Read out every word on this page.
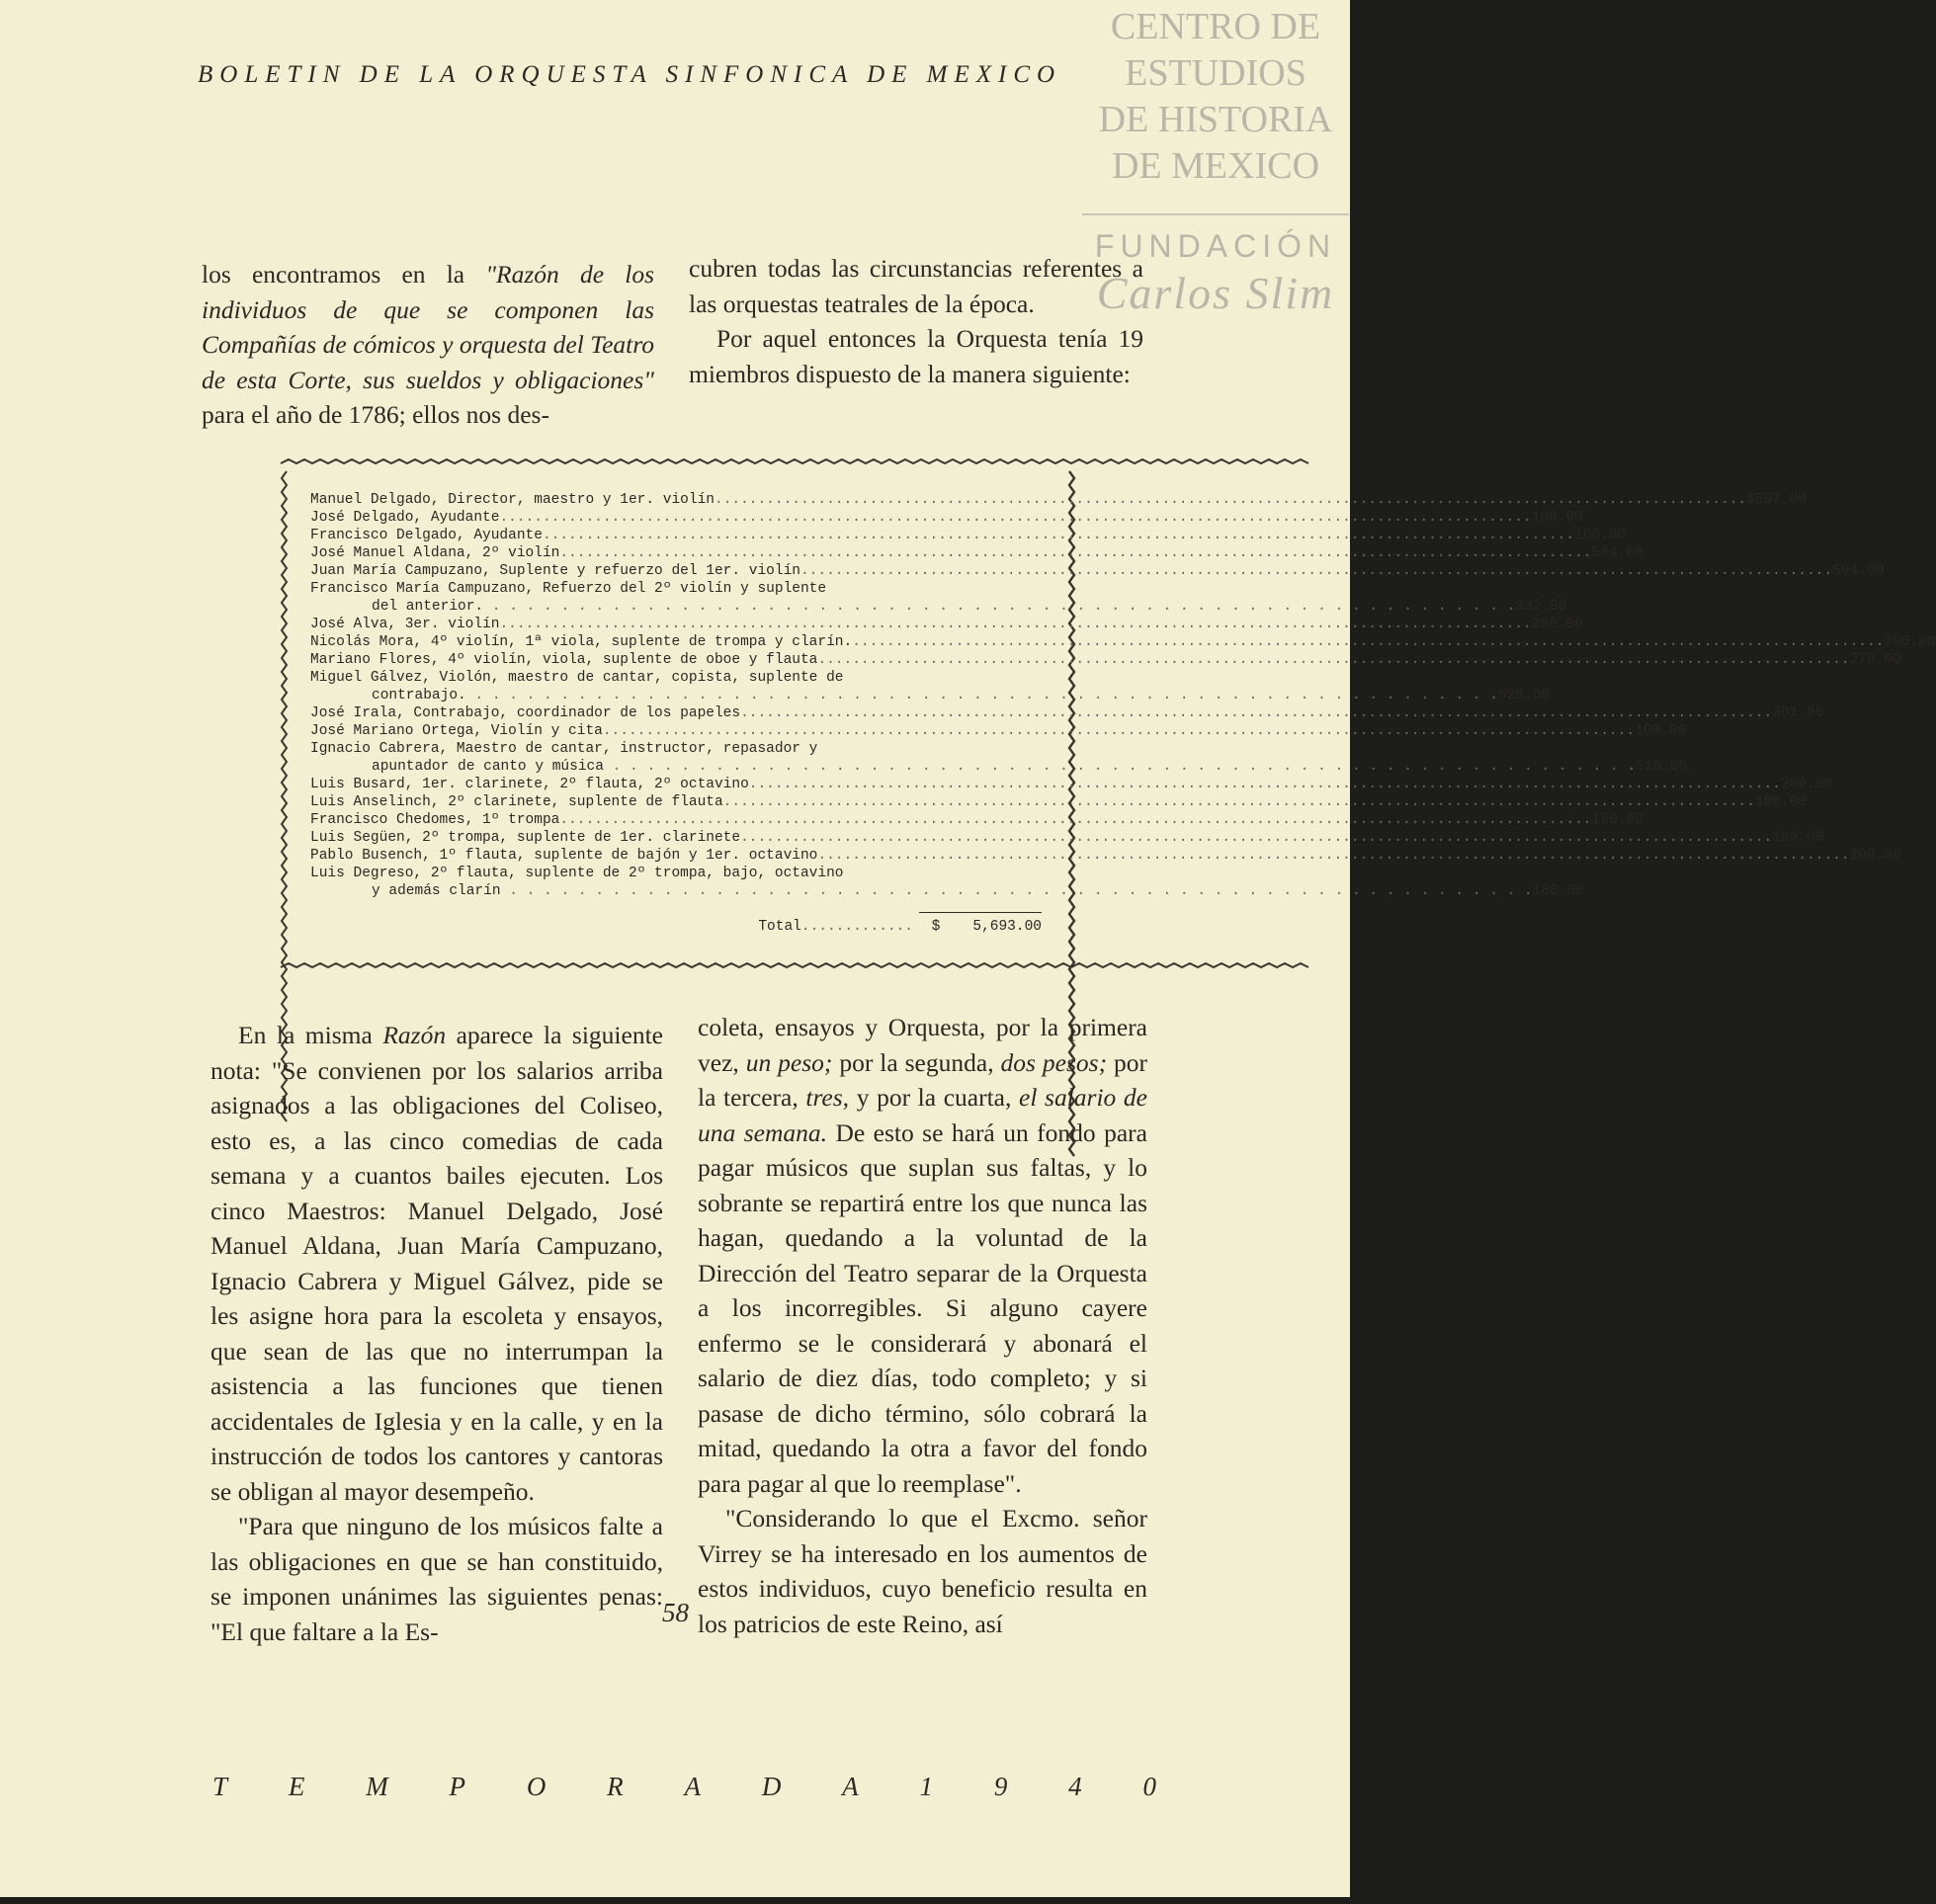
BOLETIN DE LA ORQUESTA SINFONICA DE MEXICO
CENTRO DE
ESTUDIOS
DE HISTORIA
DE MEXICO
FUNDACIÓN
Carlos Slim

los encontramos en la "Razón de los individuos de que se componen las Compañías de cómicos y orquesta del Teatro de esta Corte, sus sueldos y obligaciones" para el año de 1786; ellos nos des-

cubren todas las circunstancias referentes a las orquestas teatrales de la época.

Por aquel entonces la Orquesta tenía 19 miembros dispuesto de la manera siguiente:

Manuel Delgado, Director, maestro y 1er. violín........................................................................................................................ $ 597.00
José Delgado, Ayudante........................................................................................................................ 100.00
Francisco Delgado, Ayudante........................................................................................................................ 100.00
José Manuel Aldana, 2º violín........................................................................................................................ 544.00
Juan María Campuzano, Suplente y refuerzo del 1er. violín........................................................................................................................ 594.00
Francisco María Campuzano, Refuerzo del 2º violín y suplente
del anterior. . . . . . . . . . . . . . . . . . . . . . . . . . . . . . . . . . . . . . . . . . . . . . . . . . . . . . . . . . . . . 332.00
José Alva, 3er. violín........................................................................................................................ 290.00
Nicolás Mora, 4º violín, 1ª viola, suplente de trompa y clarín......................................................................................................................... 290.00
Mariano Flores, 4º violín, viola, suplente de oboe y flauta........................................................................................................................ 279.00
Miguel Gálvez, Violón, maestro de cantar, copista, suplente de
contrabajo. . . . . . . . . . . . . . . . . . . . . . . . . . . . . . . . . . . . . . . . . . . . . . . . . . . . . . . . . . . . . 528.00
José Irala, Contrabajo, coordinador de los papeles........................................................................................................................ 301.00
José Mariano Ortega, Violín y cita........................................................................................................................ 100.00
Ignacio Cabrera, Maestro de cantar, instructor, repasador y
apuntador de canto y música . . . . . . . . . . . . . . . . . . . . . . . . . . . . . . . . . . . . . . . . . . . . . . . . . . . . . . . . . . . . 518.00
Luis Busard, 1er. clarinete, 2º flauta, 2º octavino........................................................................................................................ 200.00
Luis Anselinch, 2º clarinete, suplente de flauta........................................................................................................................ 180.00
Francisco Chedomes, 1º trompa........................................................................................................................ 180.00
Luis Següen, 2º trompa, suplente de 1er. clarinete........................................................................................................................ 180.00
Pablo Busench, 1º flauta, suplente de bajón y 1er. octavino........................................................................................................................ 200.00
Luis Degreso, 2º flauta, suplente de 2º trompa, bajo, octavino
y además clarín . . . . . . . . . . . . . . . . . . . . . . . . . . . . . . . . . . . . . . . . . . . . . . . . . . . . . . . . . . . . 180.00
Total.............	$	5,693.00

En la misma Razón aparece la siguiente nota: "Se convienen por los salarios arriba asignados a las obligaciones del Coliseo, esto es, a las cinco comedias de cada semana y a cuantos bailes ejecuten. Los cinco Maestros: Manuel Delgado, José Manuel Aldana, Juan María Campuzano, Ignacio Cabrera y Miguel Gálvez, pide se les asigne hora para la escoleta y ensayos, que sean de las que no interrumpan la asistencia a las funciones que tienen accidentales de Iglesia y en la calle, y en la instrucción de todos los cantores y cantoras se obligan al mayor desempeño.

"Para que ninguno de los músicos falte a las obligaciones en que se han constituido, se imponen unánimes las siguientes penas: "El que faltare a la Es-

coleta, ensayos y Orquesta, por la primera vez, un peso; por la segunda, dos pesos; por la tercera, tres, y por la cuarta, el salario de una semana. De esto se hará un fondo para pagar músicos que suplan sus faltas, y lo sobrante se repartirá entre los que nunca las hagan, quedando a la voluntad de la Dirección del Teatro separar de la Orquesta a los incorregibles. Si alguno cayere enfermo se le considerará y abonará el salario de diez días, todo completo; y si pasase de dicho término, sólo cobrará la mitad, quedando la otra a favor del fondo para pagar al que lo reemplase".

"Considerando lo que el Excmo. señor Virrey se ha interesado en los aumentos de estos individuos, cuyo beneficio resulta en los patricios de este Reino, así

58
T E M P O R A D A 1 9 4 0
